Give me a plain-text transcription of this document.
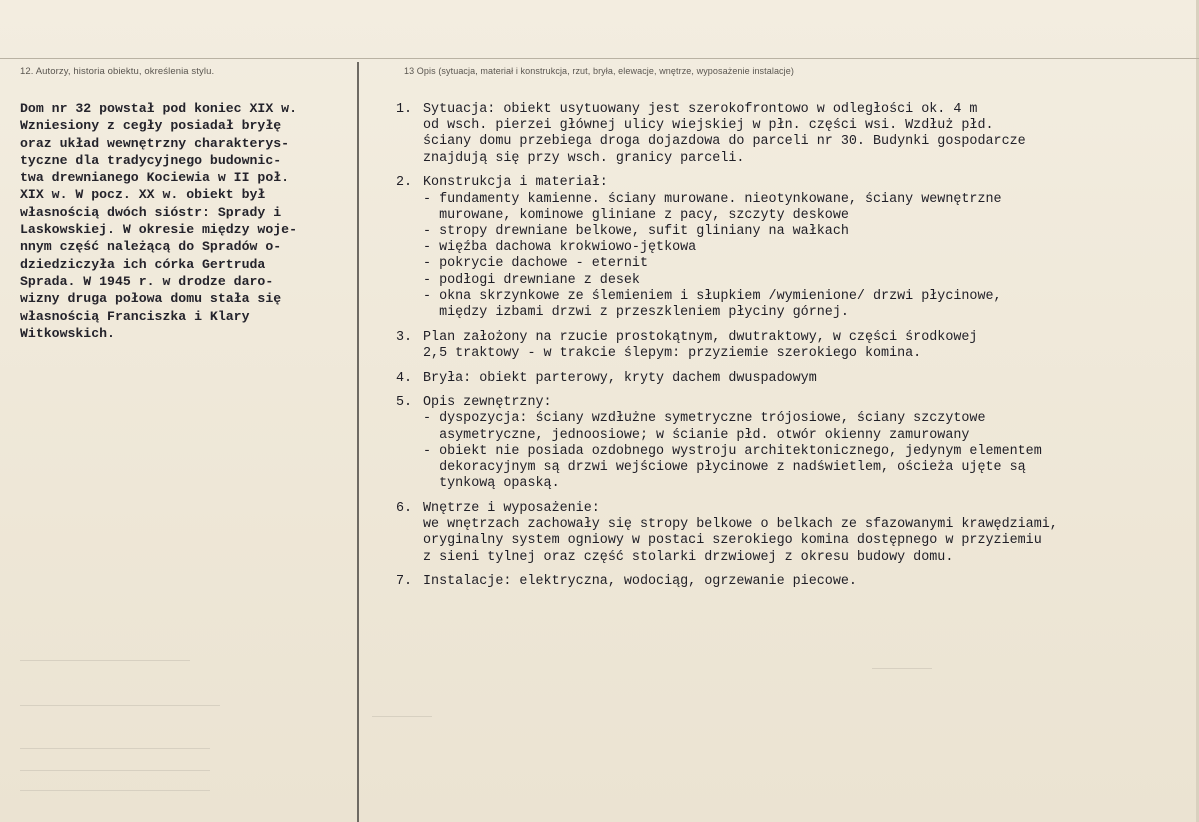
12. Autorzy, historia obiektu, określenia stylu.	13 Opis (sytuacja, materiał i konstrukcja, rzut, bryła, elewacje, wnętrze, wyposażenie instalacje)
Dom nr 32 powstał pod koniec XIX w.
Wzniesiony z cegły posiadał bryłę
oraz układ wewnętrzny charakterys-
tyczne dla tradycyjnego budownic-
twa drewnianego Kociewia w II poł.
XIX w. W pocz. XX w. obiekt był
własnością dwóch sióstr: Sprady i
Laskowskiej. W okresie między woje-
nnym część należącą do Spradów o-
dziedziczyła ich córka Gertruda
Sprada. W 1945 r. w drodze daro-
wizny druga połowa domu stała się
własnością Franciszka i Klary
Witkowskich.
1. Sytuacja: obiekt usytuowany jest szerokofrontowo w odległości ok. 4 m
od wsch. pierzei głównej ulicy wiejskiej w płn. części wsi. Wzdłuż płd.
ściany domu przebiega droga dojazdowa do parceli nr 30. Budynki gospodarcze
znajdują się przy wsch. granicy parceli.
2. Konstrukcja i materiał:
- fundamenty kamienne. ściany murowane. nieotynkowane, ściany wewnętrzne
murowane, kominowe gliniane z pacy, szczyty deskowe
- stropy drewniane belkowe, sufit gliniany na wałkach
- więźba dachowa krokwiowo-jętkowa
- pokrycie dachowe - eternit
- podłogi drewniane z desek
- okna skrzynkowe ze ślemieniem i słupkiem /wymienione/ drzwi płycinowe,
między izbami drzwi z przeszkleniem płyciny górnej.
3. Plan założony na rzucie prostokątnym, dwutraktowy, w części środkowej
2,5 traktowy - w trakcie ślepym: przyziemie szerokiego komina.
4. Bryła: obiekt parterowy, kryty dachem dwuspadowym
5. Opis zewnętrzny:
- dyspozycja: ściany wzdłużne symetryczne trójosiowe, ściany szczytowe
asymetryczne, jednoosiowe; w ścianie płd. otwór okienny zamurowany
- obiekt nie posiada ozdobnego wystroju architektonicznego, jedynym elementem
dekoracyjnym są drzwi wejściowe płycinowe z nadświetlem, ościeża ujęte są
tynkową opaską.
6. Wnętrze i wyposażenie:
we wnętrzach zachowały się stropy belkowe o belkach ze sfazowanymi krawędziami,
oryginalny system ogniowy w postaci szerokiego komina dostępnego w przyziemiu
z sieni tylnej oraz część stolarki drzwiowej z okresu budowy domu.
7. Instalacje: elektryczna, wodociąg, ogrzewanie piecowe.
